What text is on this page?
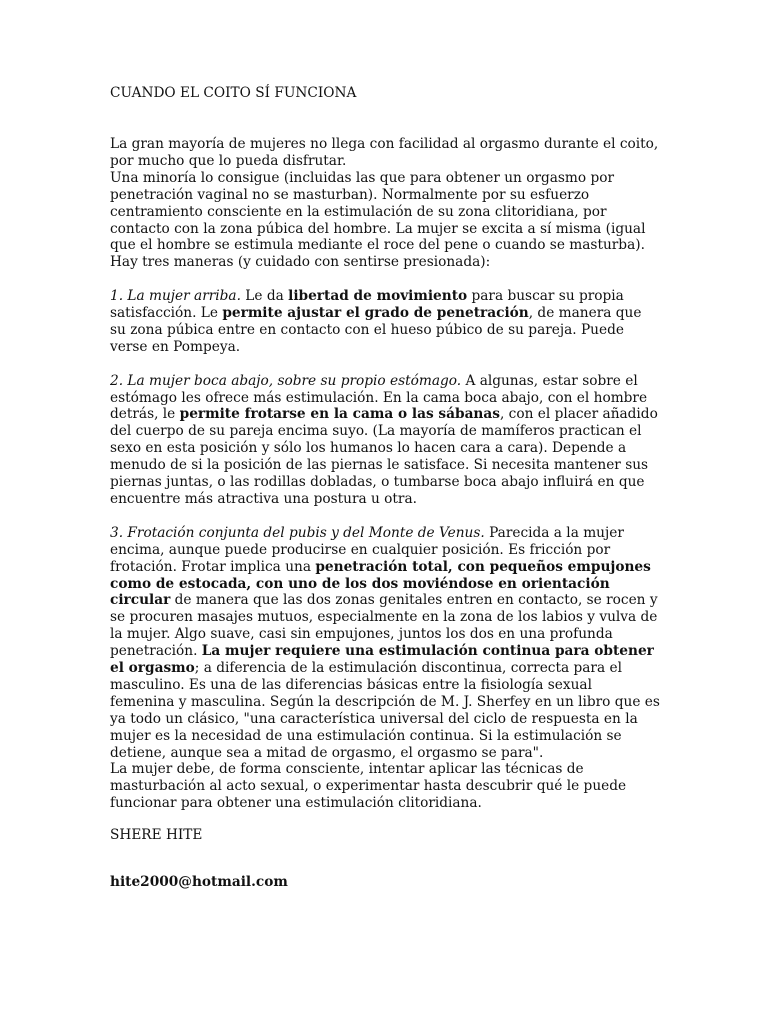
CUANDO EL COITO SÍ FUNCIONA

La gran mayoría de mujeres no llega con facilidad al orgasmo durante el coito, por mucho que lo pueda disfrutar.

Una minoría lo consigue (incluidas las que para obtener un orgasmo por penetración vaginal no se masturban). Normalmente por su esfuerzo centramiento consciente en la estimulación de su zona clitoridiana, por contacto con la zona púbica del hombre. La mujer se excita a sí misma (igual que el hombre se estimula mediante el roce del pene o cuando se masturba).

Hay tres maneras (y cuidado con sentirse presionada):

1. La mujer arriba. Le da libertad de movimiento para buscar su propia satisfacción. Le permite ajustar el grado de penetración, de manera que su zona púbica entre en contacto con el hueso púbico de su pareja. Puede verse en Pompeya.

2. La mujer boca abajo, sobre su propio estómago. A algunas, estar sobre el estómago les ofrece más estimulación. En la cama boca abajo, con el hombre detrás, le permite frotarse en la cama o las sábanas, con el placer añadido del cuerpo de su pareja encima suyo. (La mayoría de mamíferos practican el sexo en esta posición y sólo los humanos lo hacen cara a cara). Depende a menudo de si la posición de las piernas le satisface. Si necesita mantener sus piernas juntas, o las rodillas dobladas, o tumbarse boca abajo influirá en que encuentre más atractiva una postura u otra.

3. Frotación conjunta del pubis y del Monte de Venus. Parecida a la mujer encima, aunque puede producirse en cualquier posición. Es fricción por frotación. Frotar implica una penetración total, con pequeños empujones como de estocada, con uno de los dos moviéndose en orientación circular de manera que las dos zonas genitales entren en contacto, se rocen y se procuren masajes mutuos, especialmente en la zona de los labios y vulva de la mujer. Algo suave, casi sin empujones, juntos los dos en una profunda penetración. La mujer requiere una estimulación continua para obtener el orgasmo; a diferencia de la estimulación discontinua, correcta para el masculino. Es una de las diferencias básicas entre la fisiología sexual femenina y masculina. Según la descripción de M. J. Sherfey en un libro que es ya todo un clásico, "una característica universal del ciclo de respuesta en la mujer es la necesidad de una estimulación continua. Si la estimulación se detiene, aunque sea a mitad de orgasmo, el orgasmo se para".

La mujer debe, de forma consciente, intentar aplicar las técnicas de masturbación al acto sexual, o experimentar hasta descubrir qué le puede funcionar para obtener una estimulación clitoridiana.

SHERE HITE

hite2000@hotmail.com
